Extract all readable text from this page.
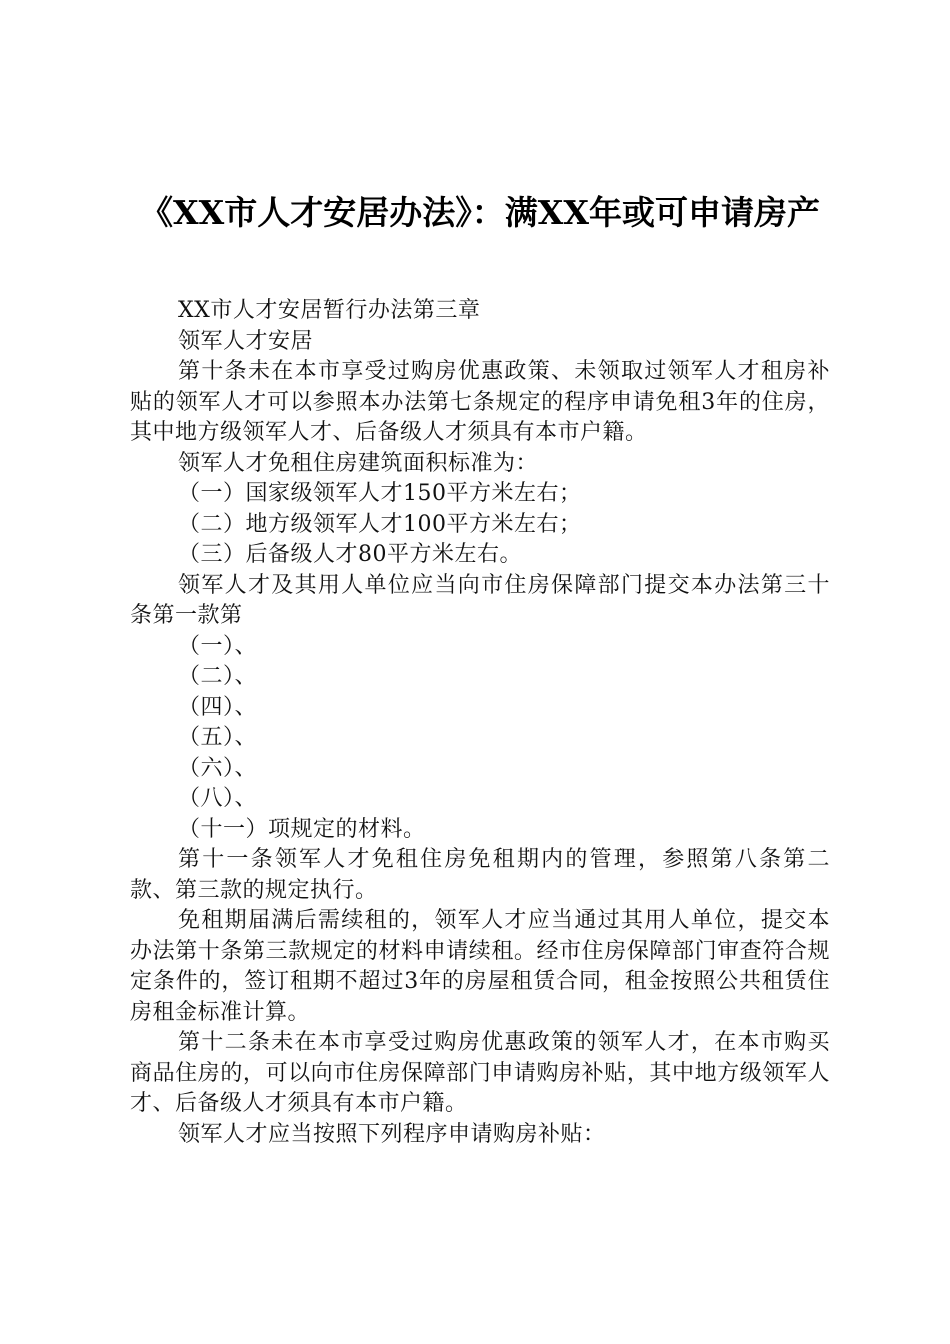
《XX市人才安居办法》：满XX年或可申请房产

XX市人才安居暂行办法第三章

领军人才安居

第十条未在本市享受过购房优惠政策、未领取过领军人才租房补贴的领军人才可以参照本办法第七条规定的程序申请免租3年的住房，其中地方级领军人才、后备级人才须具有本市户籍。

领军人才免租住房建筑面积标准为：

（一）国家级领军人才150平方米左右；

（二）地方级领军人才100平方米左右；

（三）后备级人才80平方米左右。

领军人才及其用人单位应当向市住房保障部门提交本办法第三十条第一款第

（一）、

（二）、

（四）、

（五）、

（六）、

（八）、

（十一）项规定的材料。

第十一条领军人才免租住房免租期内的管理，参照第八条第二款、第三款的规定执行。

免租期届满后需续租的，领军人才应当通过其用人单位，提交本办法第十条第三款规定的材料申请续租。经市住房保障部门审查符合规定条件的，签订租期不超过3年的房屋租赁合同，租金按照公共租赁住房租金标准计算。

第十二条未在本市享受过购房优惠政策的领军人才，在本市购买商品住房的，可以向市住房保障部门申请购房补贴，其中地方级领军人才、后备级人才须具有本市户籍。

领军人才应当按照下列程序申请购房补贴：
